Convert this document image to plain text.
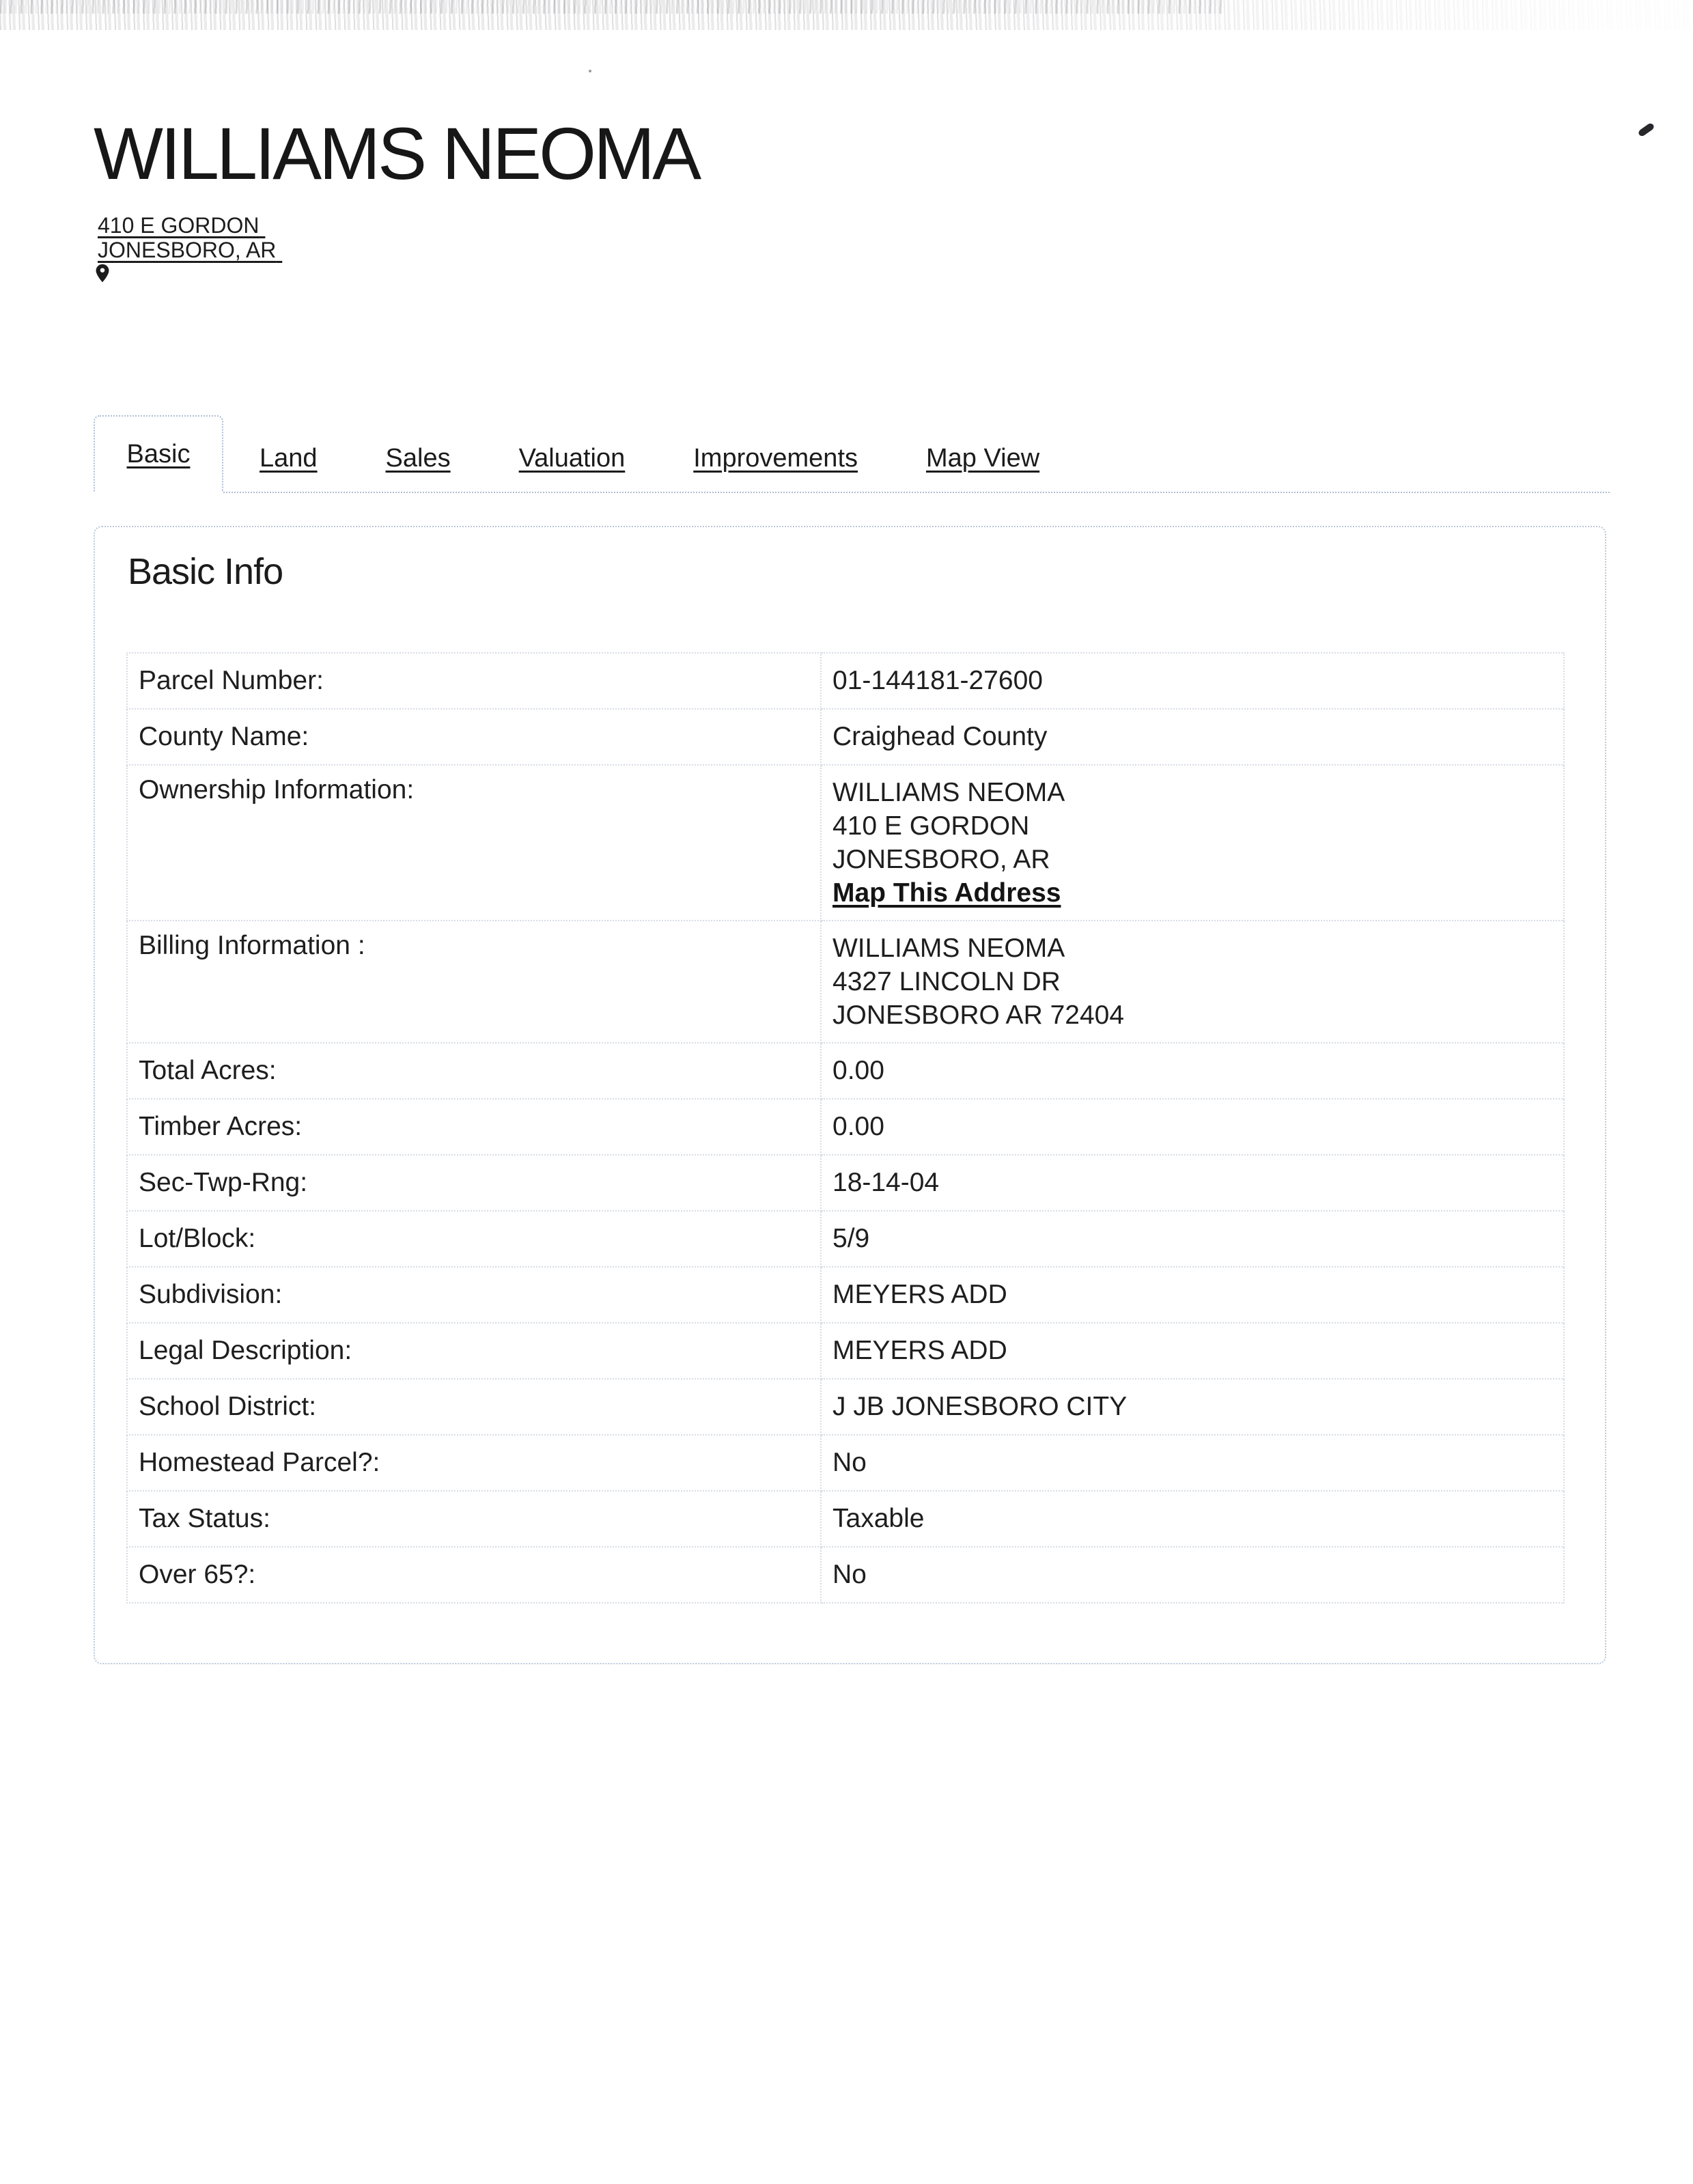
WILLIAMS NEOMA
410 E GORDON
JONESBORO, AR
Basic	Land	Sales	Valuation	Improvements	Map View
Basic Info
Parcel Number:	01-144181-27600
County Name:	Craighead County
Ownership Information:	WILLIAMS NEOMA
410 E GORDON
JONESBORO, AR
Map This Address

Billing Information :	WILLIAMS NEOMA
4327 LINCOLN DR
JONESBORO AR 72404

Total Acres:	0.00
Timber Acres:	0.00
Sec-Twp-Rng:	18-14-04
Lot/Block:	5/9
Subdivision:	MEYERS ADD
Legal Description:	MEYERS ADD
School District:	J JB JONESBORO CITY
Homestead Parcel?:	No
Tax Status:	Taxable
Over 65?:	No
